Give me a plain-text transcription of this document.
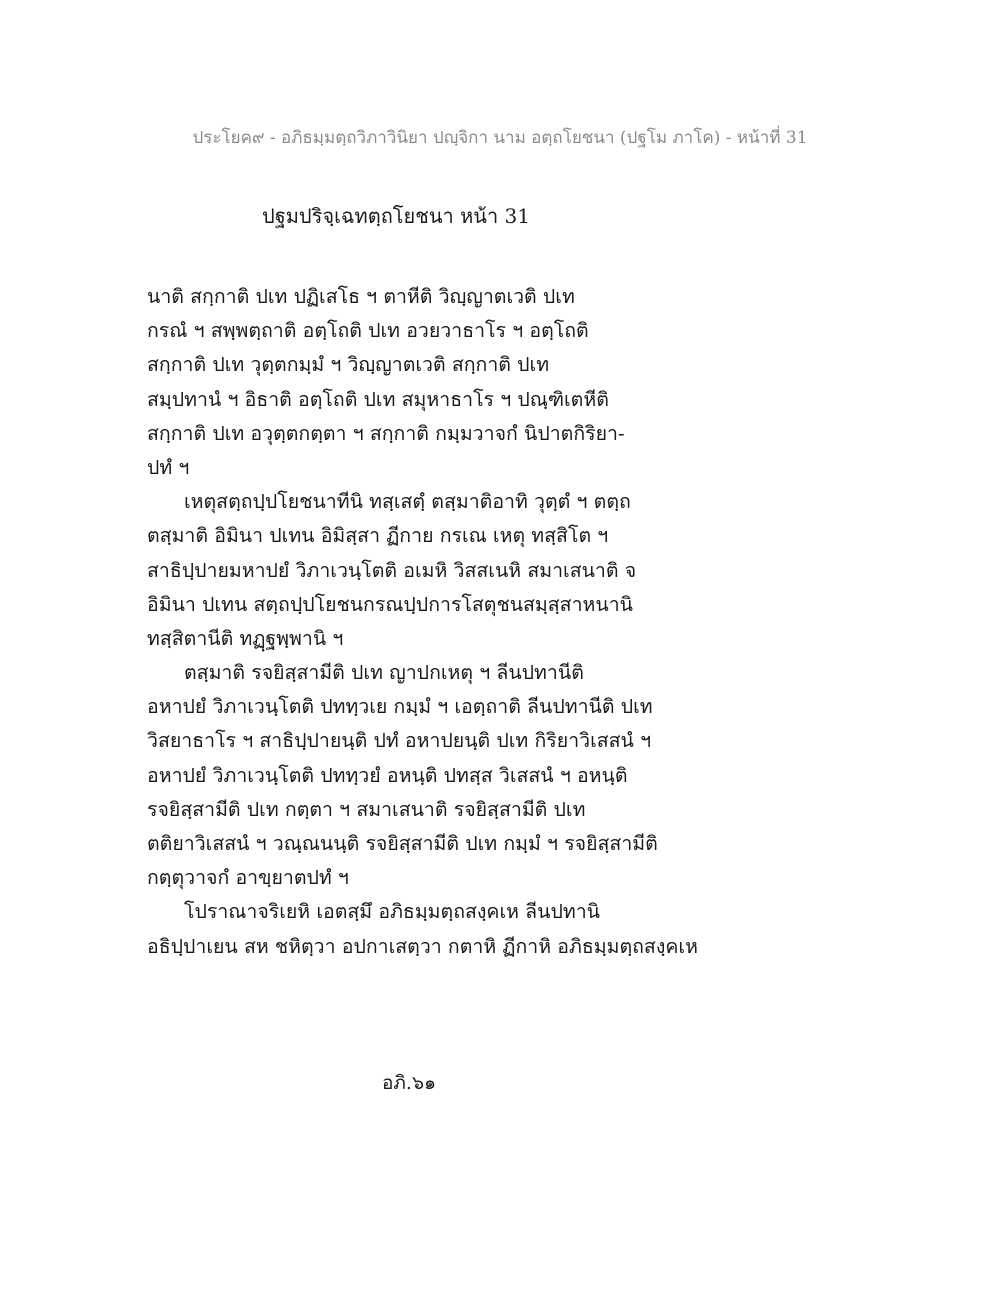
ประโยค๙ - อภิธมฺมตฺถวิภาวินิยา ปญฺจิกา นาม อตฺถโยชนา (ปฐโม ภาโค) - หน้าที่ 31
ปฐมปริจฺเฉทตฺถโยชนา หน้า 31
นาติ สกฺกาติ ปเท ปฏิเสโธ ฯ ตาหีติ วิญฺญาตเวติ ปเท
กรณํ ฯ สพฺพตฺถาติ อตฺโถติ ปเท อวยวาธาโร ฯ อตฺโถติ
สกฺกาติ ปเท วุตฺตกมฺมํ ฯ วิญฺญาตเวติ สกฺกาติ ปเท
สมฺปทานํ ฯ อิธาติ อตฺโถติ ปเท สมุหาธาโร ฯ ปณฺฑิเตหีติ
สกฺกาติ ปเท อวุตฺตกตฺตา ฯ สกฺกาติ กมฺมวาจกํ นิปาตกิริยา-
ปทํ ฯ
เหตุสตฺถปฺปโยชนาทีนิ ทสฺเสตฺํ ตสฺมาติอาทิ วุตฺตํ ฯ ตตฺถ
ตสฺมาติ อิมินา ปเทน อิมิสฺสา ฏีกาย กรเณ เหตุ ทสฺสิโต ฯ
สาธิปฺปายมหาปยํ วิภาเวนฺโตติ อเมหิ วิสสเนหิ สมาเสนาติ จ
อิมินา ปเทน สตฺถปฺปโยชนกรณปฺปการโสตุชนสมฺสฺสาหนานิ
ทสฺสิตานีติ ทฏฺฐพฺพานิ ฯ
ตสฺมาติ รจยิสฺสามีติ ปเท ญาปกเหตุ ฯ ลีนปทานีติ
อหาปยํ วิภาเวนฺโตติ ปททฺวเย กมฺมํ ฯ เอตฺถาติ ลีนปทานีติ ปเท
วิสยาธาโร ฯ สาธิปฺปายนฺติ ปทํ อหาปยนฺติ ปเท กิริยาวิเสสนํ ฯ
อหาปยํ วิภาเวนฺโตติ ปททฺวยํ อหนฺติ ปทสฺส วิเสสนํ ฯ อหนฺติ
รจยิสฺสามีติ ปเท กตฺตา ฯ สมาเสนาติ รจยิสฺสามีติ ปเท
ตติยาวิเสสนํ ฯ วณฺณนนฺติ รจยิสฺสามีติ ปเท กมฺมํ ฯ รจยิสฺสามีติ
กตฺตุวาจกํ อาขฺยาตปทํ ฯ
โปราณาจริเยหิ เอตสฺมึ อภิธมฺมตฺถสงฺคเห ลีนปทานิ
อธิปฺปาเยน สห ชหิตฺวา อปกาเสตฺวา กตาหิ ฏีกาหิ อภิธมฺมตฺถสงฺคเห
อภิ.๖๑
